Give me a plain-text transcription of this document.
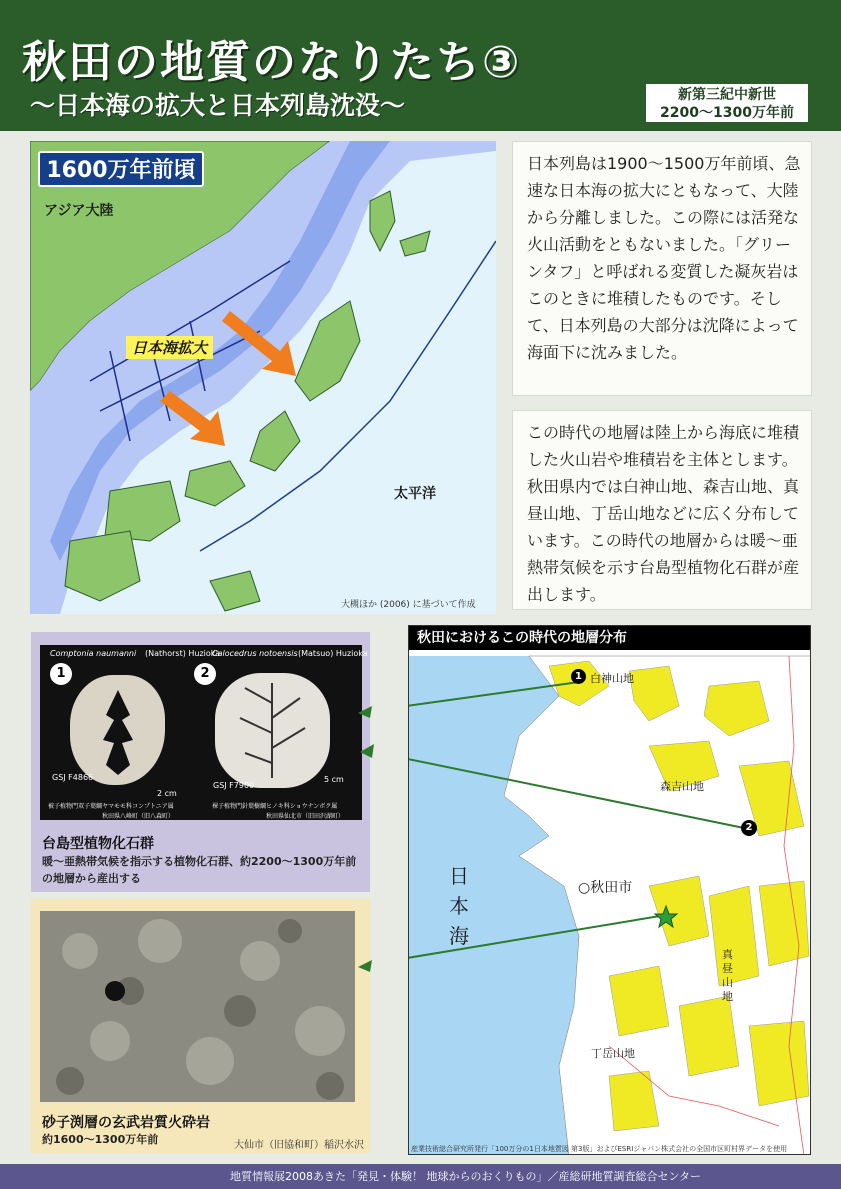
秋田の地質のなりたち③
〜日本海の拡大と日本列島沈没〜	新第三紀中新世
2200〜1300万年前
1600万年前頃
アジア大陸
日本海拡大
太平洋
大槻ほか (2006) に基づいて作成
日本列島は1900〜1500万年前頃、急速な日本海の拡大にともなって、大陸から分離しました。この際には活発な火山活動をともないました。「グリーンタフ」と呼ばれる変質した凝灰岩はこのときに堆積したものです。そして、日本列島の大部分は沈降によって海面下に沈みました。
この時代の地層は陸上から海底に堆積した火山岩や堆積岩を主体とします。秋田県内では白神山地、森吉山地、真昼山地、丁岳山地などに広く分布しています。この時代の地層からは暖〜亜熱帯気候を示す台島型植物化石群が産出します。
Comptonia naumanni (Nathorst) Huzioka
Calocedrus notoensis (Matsuo) Huzioka
1	2
GSJ F4866
GSJ F7900
2 cm
5 cm
被子植物門双子葉綱ヤマモモ科コンプトニア属
秋田県八峰町（旧八森町）
裸子植物門針葉樹綱ヒノキ科ショウナンボク属
秋田県仙北市（旧田沢湖町）
台島型植物化石群
暖〜亜熱帯気候を指示する植物化石群、約2200〜1300万年前の地層から産出する
砂子渕層の玄武岩質火砕岩
約1600〜1300万年前	大仙市（旧協和町）稲沢水沢
秋田におけるこの時代の地層分布
1 白神山地
森吉山地
2
○秋田市
日
本
海
真昼山地
丁岳山地
産業技術総合研究所発行「100万分の1日本地質図 第3版」およびESRIジャパン株式会社の全国市区町村界データを使用
地質情報展2008あきた「発見・体験！ 地球からのおくりもの」／産総研地質調査総合センター
